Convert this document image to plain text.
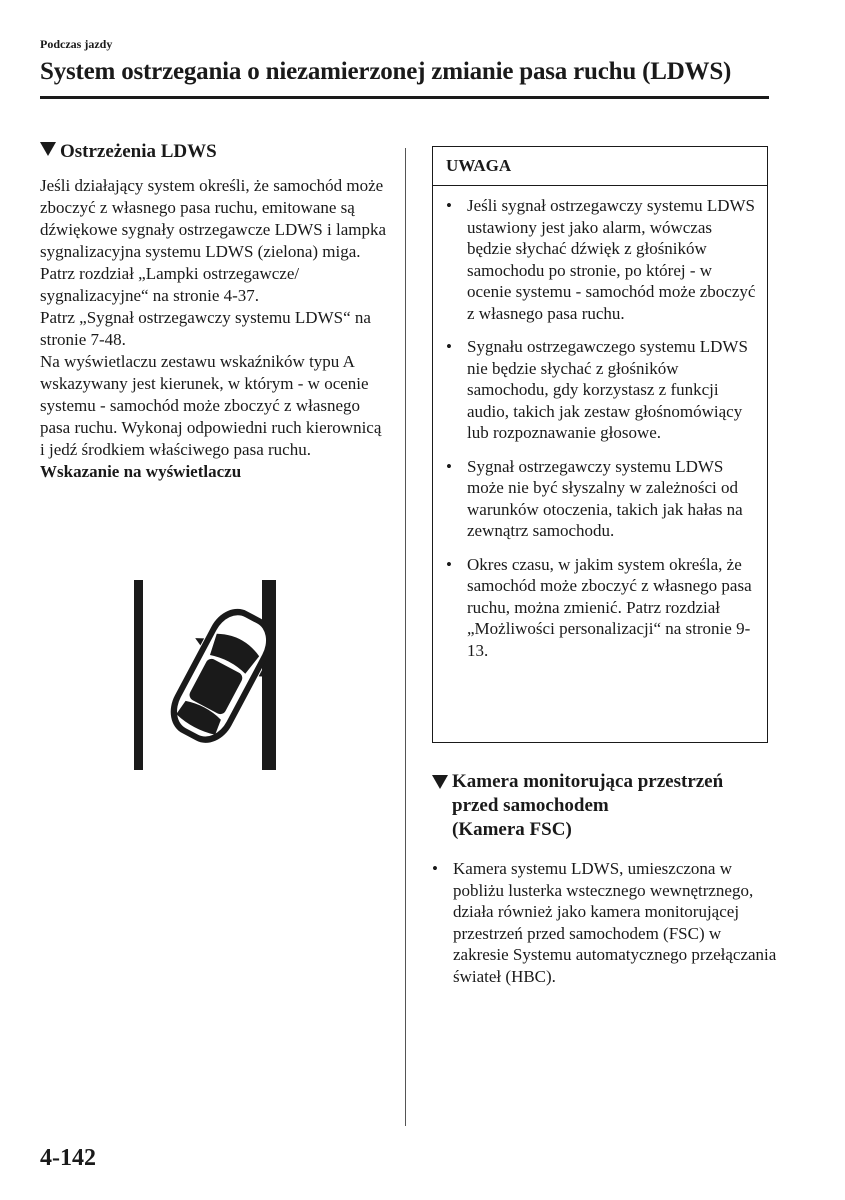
Podczas jazdy
System ostrzegania o niezamierzonej zmianie pasa ruchu (LDWS)
Ostrzeżenia LDWS

Jeśli działający system określi, że samochód może zboczyć z własnego pasa ruchu, emitowane są dźwiękowe sygnały ostrzegawcze LDWS i lampka sygnalizacyjna systemu LDWS (zielona) miga.

Patrz rozdział „Lampki ostrzegawcze/ sygnalizacyjne“ na stronie 4-37.

Patrz „Sygnał ostrzegawczy systemu LDWS“ na stronie 7-48.

Na wyświetlaczu zestawu wskaźników typu A wskazywany jest kierunek, w którym - w ocenie systemu - samochód może zboczyć z własnego pasa ruchu. Wykonaj odpowiedni ruch kierownicą i jedź środkiem właściwego pasa ruchu.

Wskazanie na wyświetlaczu

UWAGA
• Jeśli sygnał ostrzegawczy systemu LDWS ustawiony jest jako alarm, wówczas będzie słychać dźwięk z głośników samochodu po stronie, po której - w ocenie systemu - samochód może zboczyć z własnego pasa ruchu.
• Sygnału ostrzegawczego systemu LDWS nie będzie słychać z głośników samochodu, gdy korzystasz z funkcji audio, takich jak zestaw głośnomówiący lub rozpoznawanie głosowe.
• Sygnał ostrzegawczy systemu LDWS może nie być słyszalny w zależności od warunków otoczenia, takich jak hałas na zewnątrz samochodu.
• Okres czasu, w jakim system określa, że samochód może zboczyć z własnego pasa ruchu, można zmienić. Patrz rozdział „Możliwości personalizacji“ na stronie 9-13.
Kamera monitorująca przestrzeń
przed samochodem
(Kamera FSC)
• Kamera systemu LDWS, umieszczona w pobliżu lusterka wstecznego wewnętrznego, działa również jako kamera monitorującej przestrzeń przed samochodem (FSC) w zakresie Systemu automatycznego przełączania świateł (HBC).
4-142
